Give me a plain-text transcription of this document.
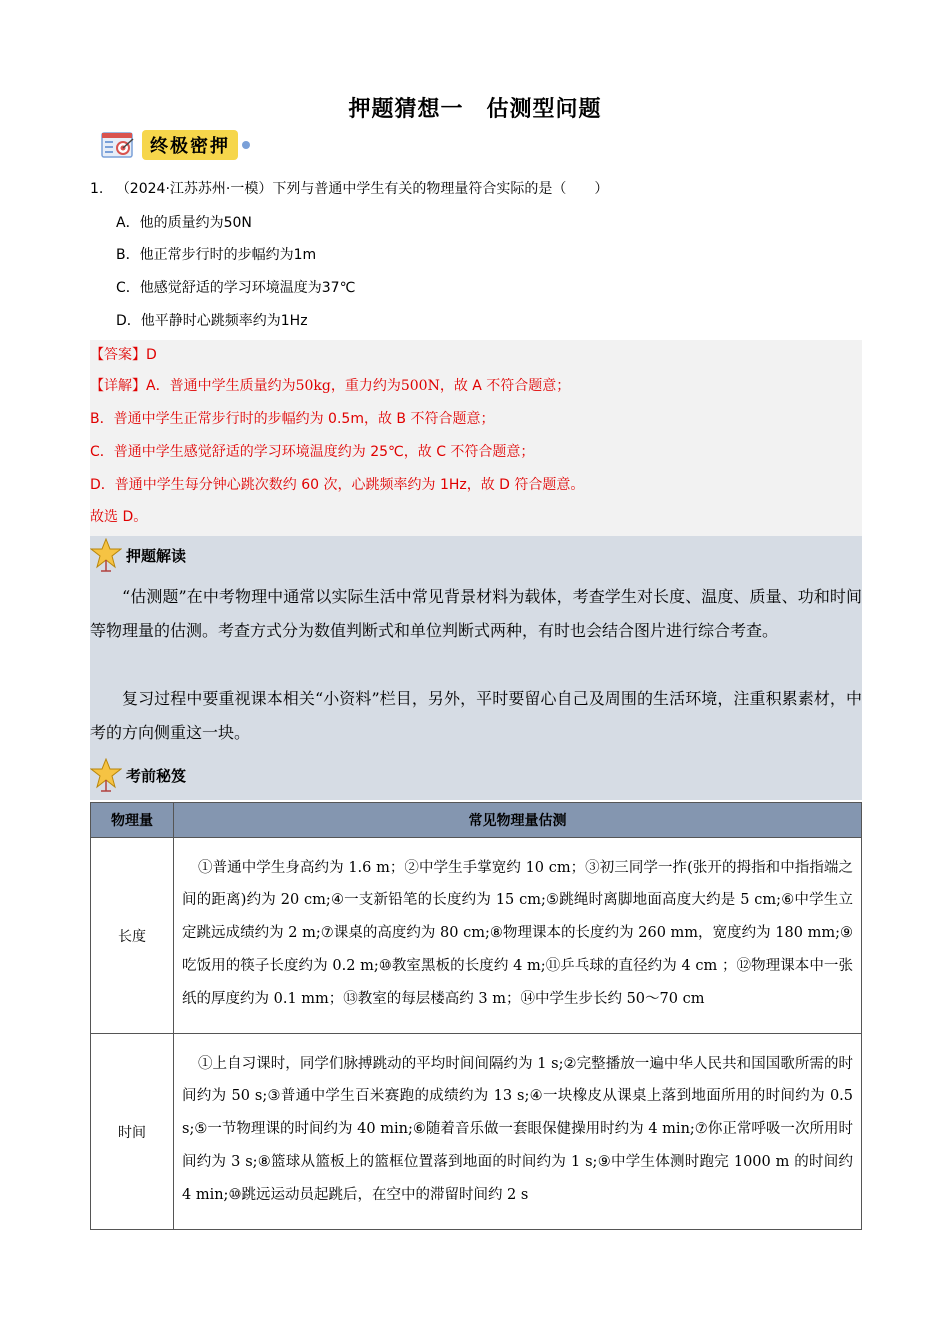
押题猜想一　估测型问题
终极密押
1. （2024·江苏苏州·一模）下列与普通中学生有关的物理量符合实际的是（　　）
A．他的质量约为50N
B．他正常步行时的步幅约为1m
C．他感觉舒适的学习环境温度为37℃
D．他平静时心跳频率约为1Hz
【答案】D
【详解】A．普通中学生质量约为50kg，重力约为500N，故 A 不符合题意；
B．普通中学生正常步行时的步幅约为 0.5m，故 B 不符合题意；
C．普通中学生感觉舒适的学习环境温度约为 25℃，故 C 不符合题意；
D．普通中学生每分钟心跳次数约 60 次，心跳频率约为 1Hz，故 D 符合题意。
故选 D。
押题解读
“估测题”在中考物理中通常以实际生活中常见背景材料为载体，考查学生对长度、温度、质量、功和时间等物理量的估测。考查方式分为数值判断式和单位判断式两种，有时也会结合图片进行综合考查。
复习过程中要重视课本相关“小资料”栏目，另外，平时要留心自己及周围的生活环境，注重积累素材，中考的方向侧重这一块。
考前秘笈
物理量	常见物理量估测
长度	①普通中学生身高约为 1.6 m；②中学生手掌宽约 10 cm；③初三同学一拃(张开的拇指和中指指端之间的距离)约为 20 cm;④一支新铅笔的长度约为 15 cm;⑤跳绳时离脚地面高度大约是 5 cm;⑥中学生立定跳远成绩约为 2 m;⑦课桌的高度约为 80 cm;⑧物理课本的长度约为 260 mm，宽度约为 180 mm;⑨吃饭用的筷子长度约为 0.2 m;⑩教室黑板的长度约 4 m;⑪乒乓球的直径约为 4 cm ；⑫物理课本中一张纸的厚度约为 0.1 mm；⑬教室的每层楼高约 3 m；⑭中学生步长约 50～70 cm
时间	①上自习课时，同学们脉搏跳动的平均时间间隔约为 1 s;②完整播放一遍中华人民共和国国歌所需的时间约为 50 s;③普通中学生百米赛跑的成绩约为 13 s;④一块橡皮从课桌上落到地面所用的时间约为 0.5 s;⑤一节物理课的时间约为 40 min;⑥随着音乐做一套眼保健操用时约为 4 min;⑦你正常呼吸一次所用时间约为 3 s;⑧篮球从篮板上的篮框位置落到地面的时间约为 1 s;⑨中学生体测时跑完 1000 m 的时间约 4 min;⑩跳远运动员起跳后，在空中的滞留时间约 2 s
